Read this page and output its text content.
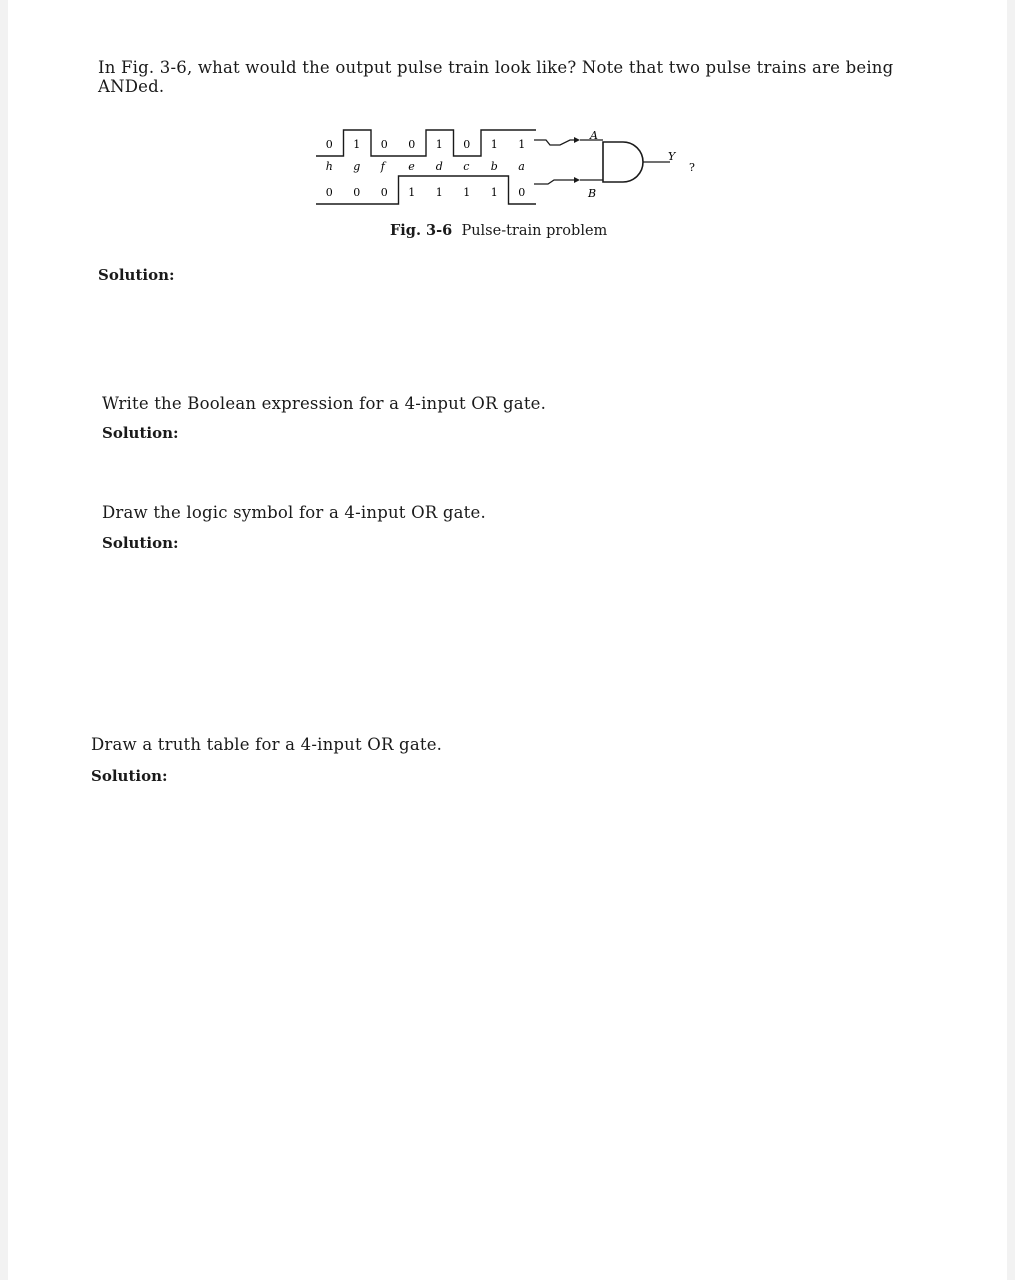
In Fig. 3-6, what would the output pulse train look like? Note that two pulse trains are being
ANDed.

0 1 0 0 1 0 1 1
h g f e d c b a
0 0 0 1 1 1 1 0
A
B
Y
?

Fig. 3-6 Pulse-train problem

Solution:

Write the Boolean expression for a 4-input OR gate.

Solution:

Draw the logic symbol for a 4-input OR gate.

Solution:

Draw a truth table for a 4-input OR gate.

Solution:
